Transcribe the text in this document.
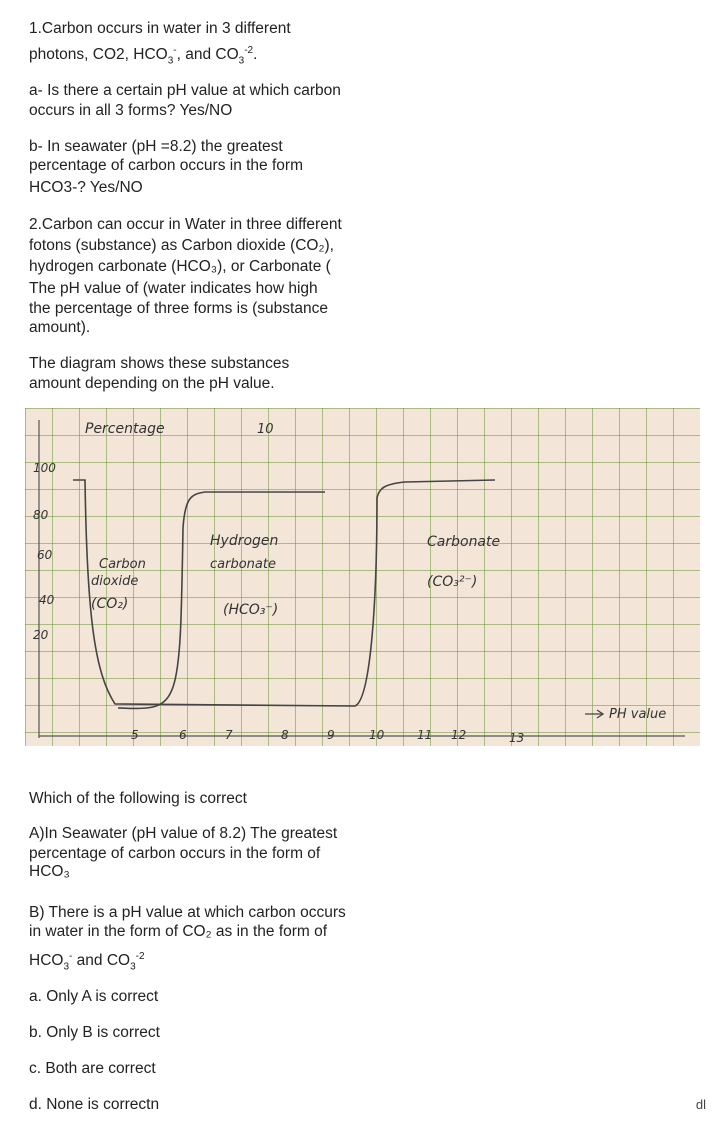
1.Carbon occurs in water in 3 different

photons, CO2, $HCO_3^-$, and $CO_3^{-2}$.

a- Is there a certain pH value at which carbon

occurs in all 3 forms? Yes/NO

b- In seawater (pH =8.2) the greatest

percentage of carbon occurs in the form

HCO3-? Yes/NO

2.Carbon can occur in Water in three different

fotons (substance) as Carbon dioxide (CO₂),

hydrogen carbonate (HCO₃), or Carbonate (

The pH value of (water indicates how high

the percentage of three forms is (substance

amount).

The diagram shows these substances

amount depending on the pH value.

Percentage	10
100
80
60
40
20
Carbon
dioxide
(CO₂)
Hydrogen
carbonate
(HCO₃⁻)
Carbonate
(CO₃²⁻)
5	6	7	8	9	10	11 12	13
PH value

Which of the following is correct

A)In Seawater (pH value of 8.2) The greatest

percentage of carbon occurs in the form of

HCO₃

B) There is a pH value at which carbon occurs

in water in the form of CO₂ as in the form of

$HCO_3^-$ and $CO_3^{-2}$

a. Only A is correct

b. Only B is correct

c. Both are correct

d. None is correctn	dl
